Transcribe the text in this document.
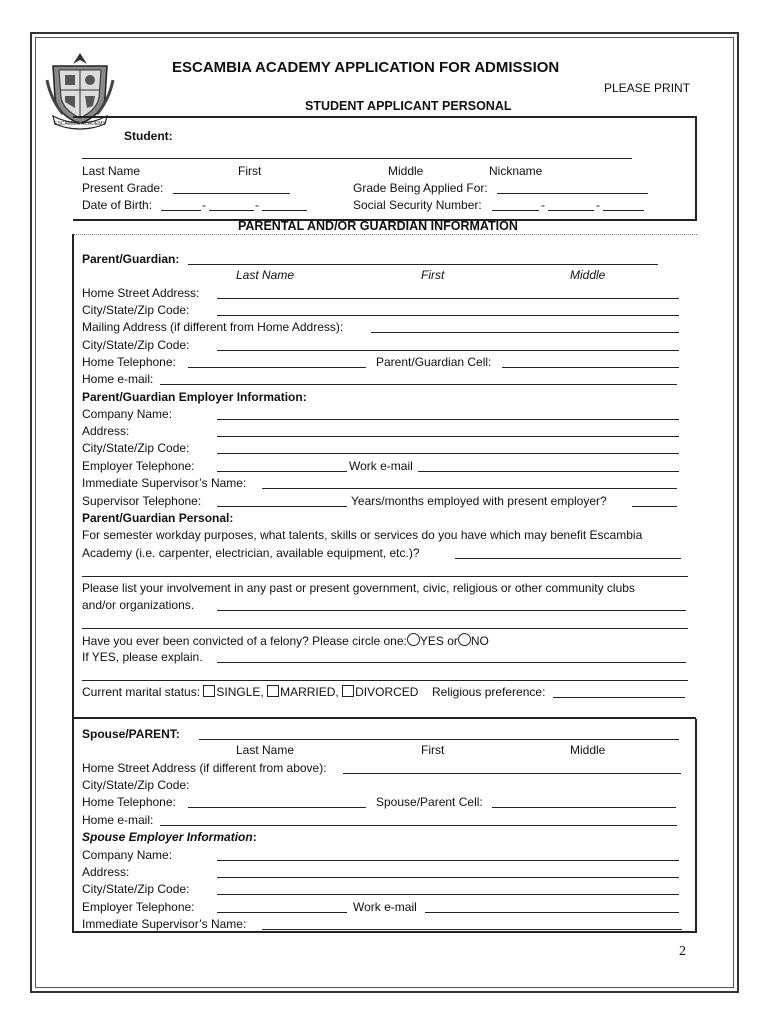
ESCAMBIA ACADEMY
ESCAMBIA ACADEMY APPLICATION FOR ADMISSION
PLEASE PRINT
STUDENT APPLICANT PERSONAL
Student:
Last Name	First	Middle	Nickname
Present Grade:	Grade Being Applied For:
Date of Birth:	-	-	Social Security Number:	-	-
PARENTAL AND/OR GUARDIAN INFORMATION
Parent/Guardian:
Last Name	First	Middle
Home Street Address:
City/State/Zip Code:
Mailing Address (if different from Home Address):
City/State/Zip Code:
Home Telephone:	Parent/Guardian Cell:
Home e-mail:
Parent/Guardian Employer Information:
Company Name:
Address:
City/State/Zip Code:
Employer Telephone:	Work e-mail
Immediate Supervisor’s Name:
Supervisor Telephone:	Years/months employed with present employer?
Parent/Guardian Personal:
For semester workday purposes, what talents, skills or services do you have which may benefit Escambia
Academy (i.e. carpenter, electrician, available equipment, etc.)?
Please list your involvement in any past or present government, civic, religious or other community clubs
and/or organizations.
Have you ever been convicted of a felony? Please circle one: YES or NO
If YES, please explain.
Current marital status: SINGLE, MARRIED, DIVORCED Religious preference:
Spouse/PARENT:
Last Name	First	Middle
Home Street Address (if different from above):
City/State/Zip Code:
Home Telephone:	Spouse/Parent Cell:
Home e-mail:
Spouse Employer Information:
Company Name:
Address:
City/State/Zip Code:
Employer Telephone:	Work e-mail
Immediate Supervisor’s Name:
2
